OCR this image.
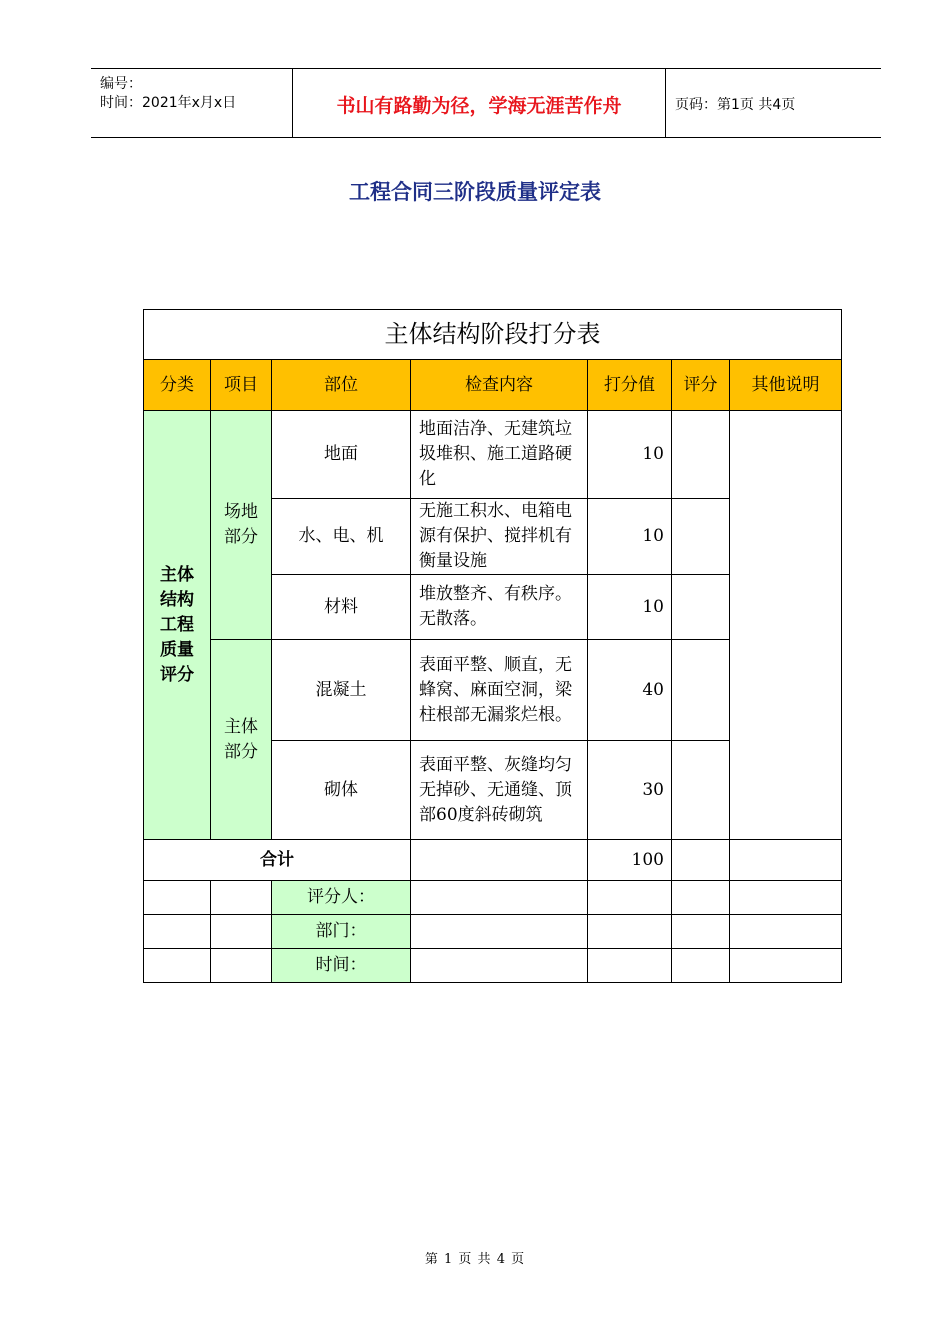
编号：
时间：2021年x月x日	书山有路勤为径，学海无涯苦作舟	页码：第1页 共4页
工程合同三阶段质量评定表
主体结构阶段打分表						
分类	项目	部位	检查内容	打分值	评分	其他说明
主体结构工程质量评分	场地部分	地面	地面洁净、无建筑垃圾堆积、施工道路硬化	10		
		水、电、机	无施工积水、电箱电源有保护、搅拌机有衡量设施	10		
		材料	堆放整齐、有秩序。无散落。	10		
	主体部分	混凝土	表面平整、顺直，无蜂窝、麻面空洞，梁柱根部无漏浆烂根。	40		
		砌体	表面平整、灰缝均匀无掉砂、无通缝、顶部60度斜砖砌筑	30		
合计				100		
		评分人：				
		部门：				
		时间：				
第 1 页 共 4 页
